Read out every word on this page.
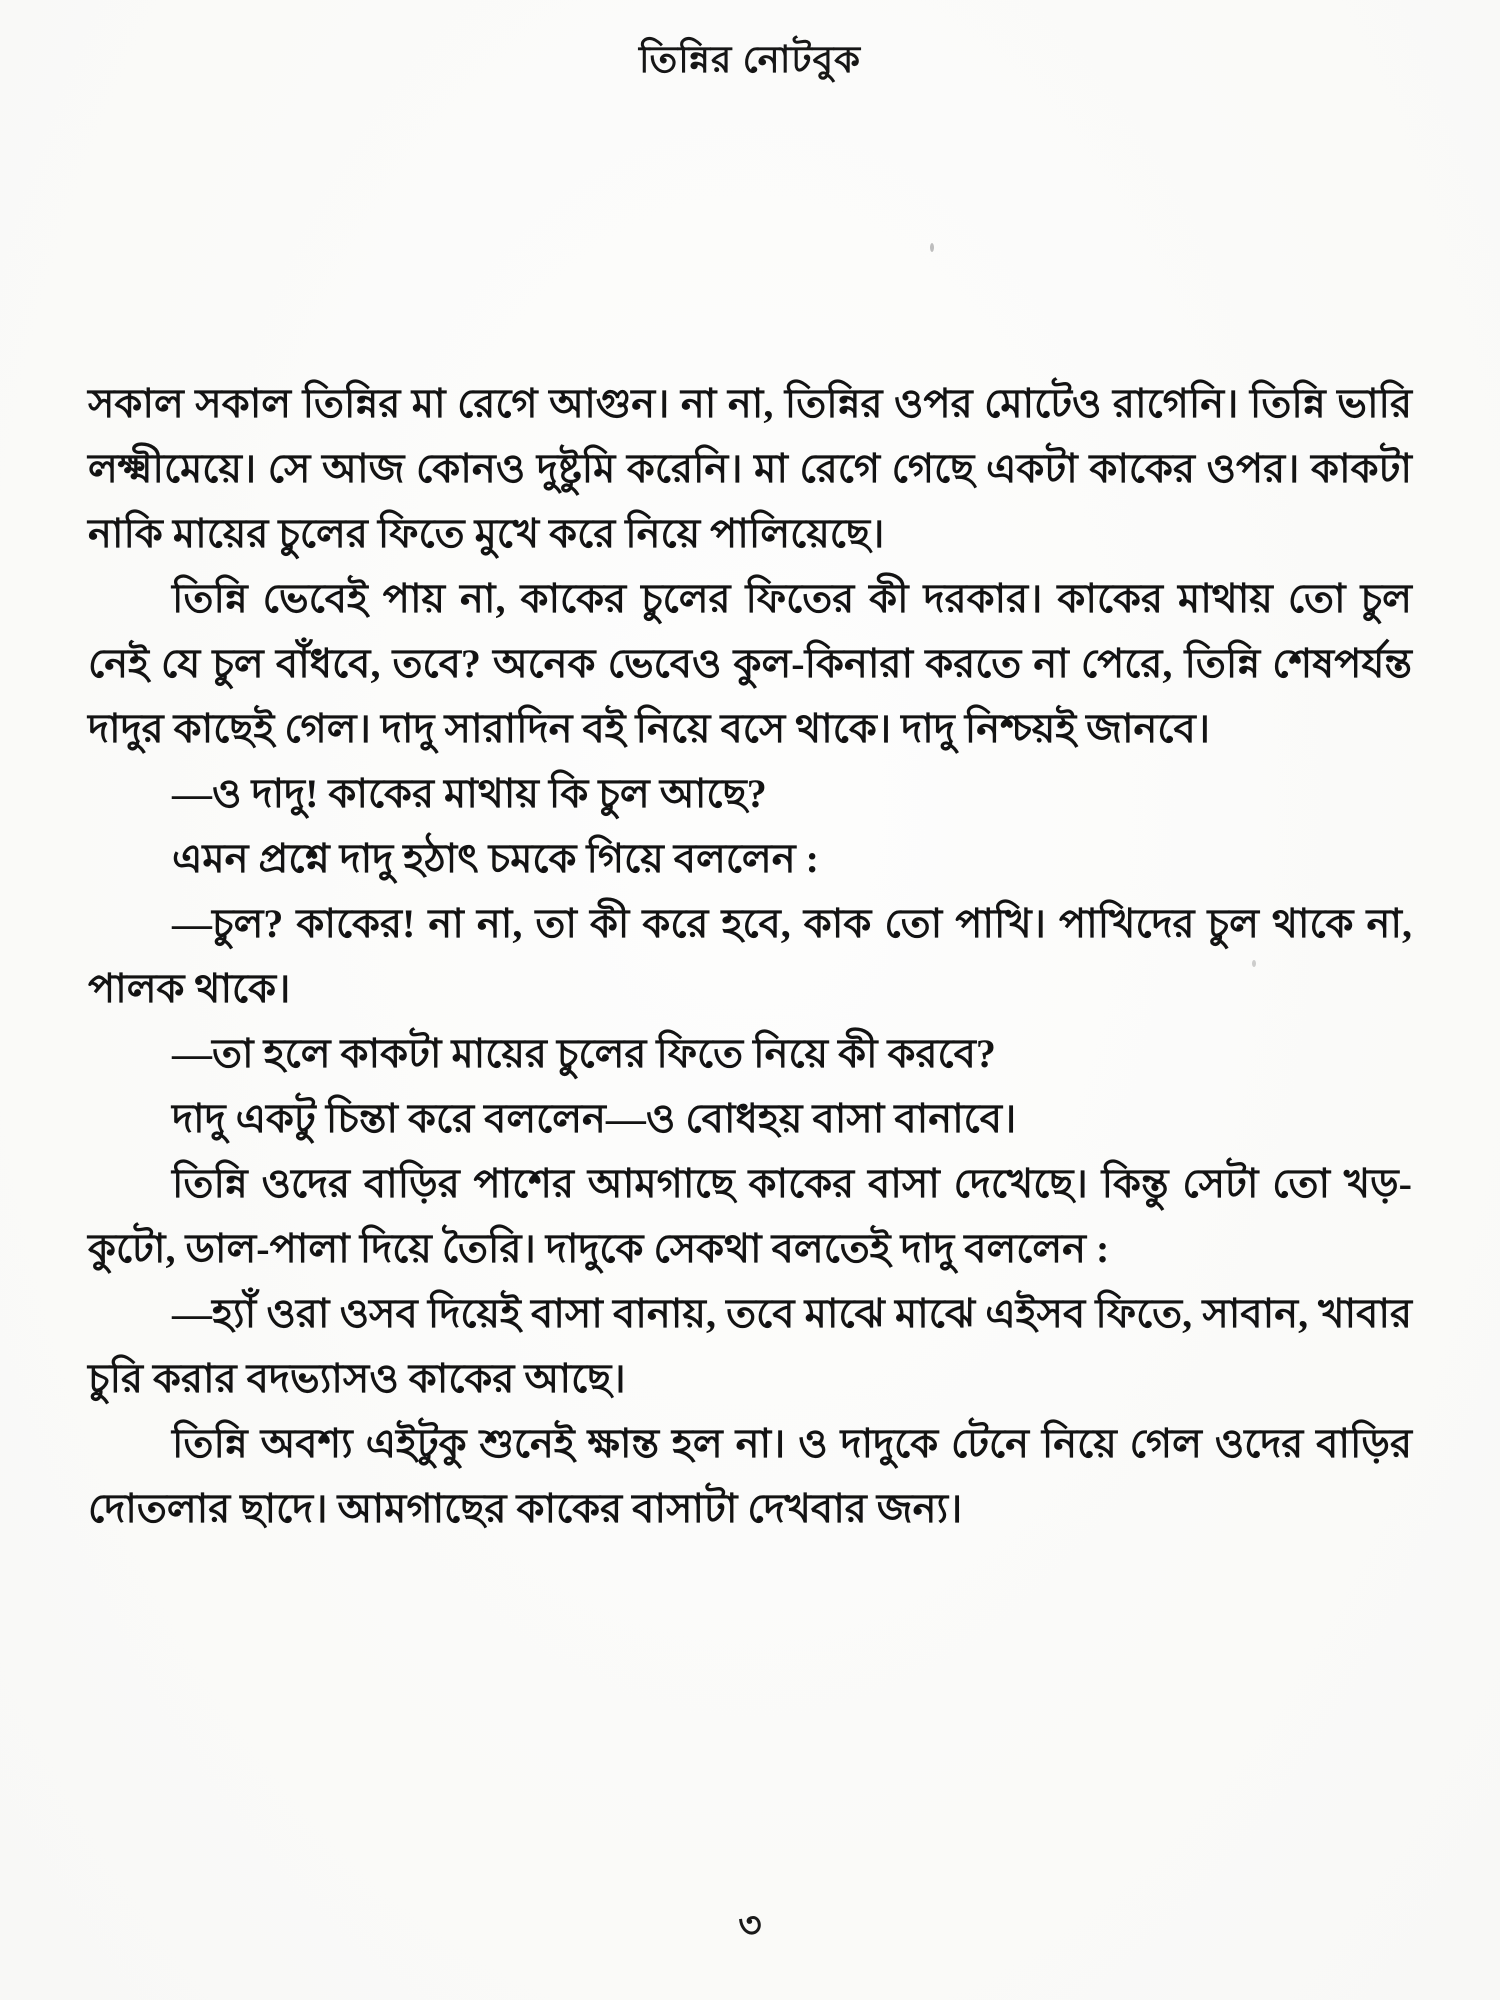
তিন্নির নোটবুক

সকাল সকাল তিন্নির মা রেগে আগুন। না না, তিন্নির ওপর মোটেও রাগেনি। তিন্নি ভারি লক্ষ্মীমেয়ে। সে আজ কোনও দুষ্টুমি করেনি। মা রেগে গেছে একটা কাকের ওপর। কাকটা নাকি মায়ের চুলের ফিতে মুখে করে নিয়ে পালিয়েছে।

তিন্নি ভেবেই পায় না, কাকের চুলের ফিতের কী দরকার। কাকের মাথায় তো চুল নেই যে চুল বাঁধবে, তবে? অনেক ভেবেও কুল-কিনারা করতে না পেরে, তিন্নি শেষপর্যন্ত দাদুর কাছেই গেল। দাদু সারাদিন বই নিয়ে বসে থাকে। দাদু নিশ্চয়ই জানবে।

—ও দাদু! কাকের মাথায় কি চুল আছে?

এমন প্রশ্নে দাদু হঠাৎ চমকে গিয়ে বললেন :

—চুল? কাকের! না না, তা কী করে হবে, কাক তো পাখি। পাখিদের চুল থাকে না, পালক থাকে।

—তা হলে কাকটা মায়ের চুলের ফিতে নিয়ে কী করবে?

দাদু একটু চিন্তা করে বললেন—ও বোধহয় বাসা বানাবে।

তিন্নি ওদের বাড়ির পাশের আমগাছে কাকের বাসা দেখেছে। কিন্তু সেটা তো খড়-কুটো, ডাল-পালা দিয়ে তৈরি। দাদুকে সেকথা বলতেই দাদু বললেন :

—হ্যাঁ ওরা ওসব দিয়েই বাসা বানায়, তবে মাঝে মাঝে এইসব ফিতে, সাবান, খাবার চুরি করার বদভ্যাসও কাকের আছে।

তিন্নি অবশ্য এইটুকু শুনেই ক্ষান্ত হল না। ও দাদুকে টেনে নিয়ে গেল ওদের বাড়ির দোতলার ছাদে। আমগাছের কাকের বাসাটা দেখবার জন্য।

৩
